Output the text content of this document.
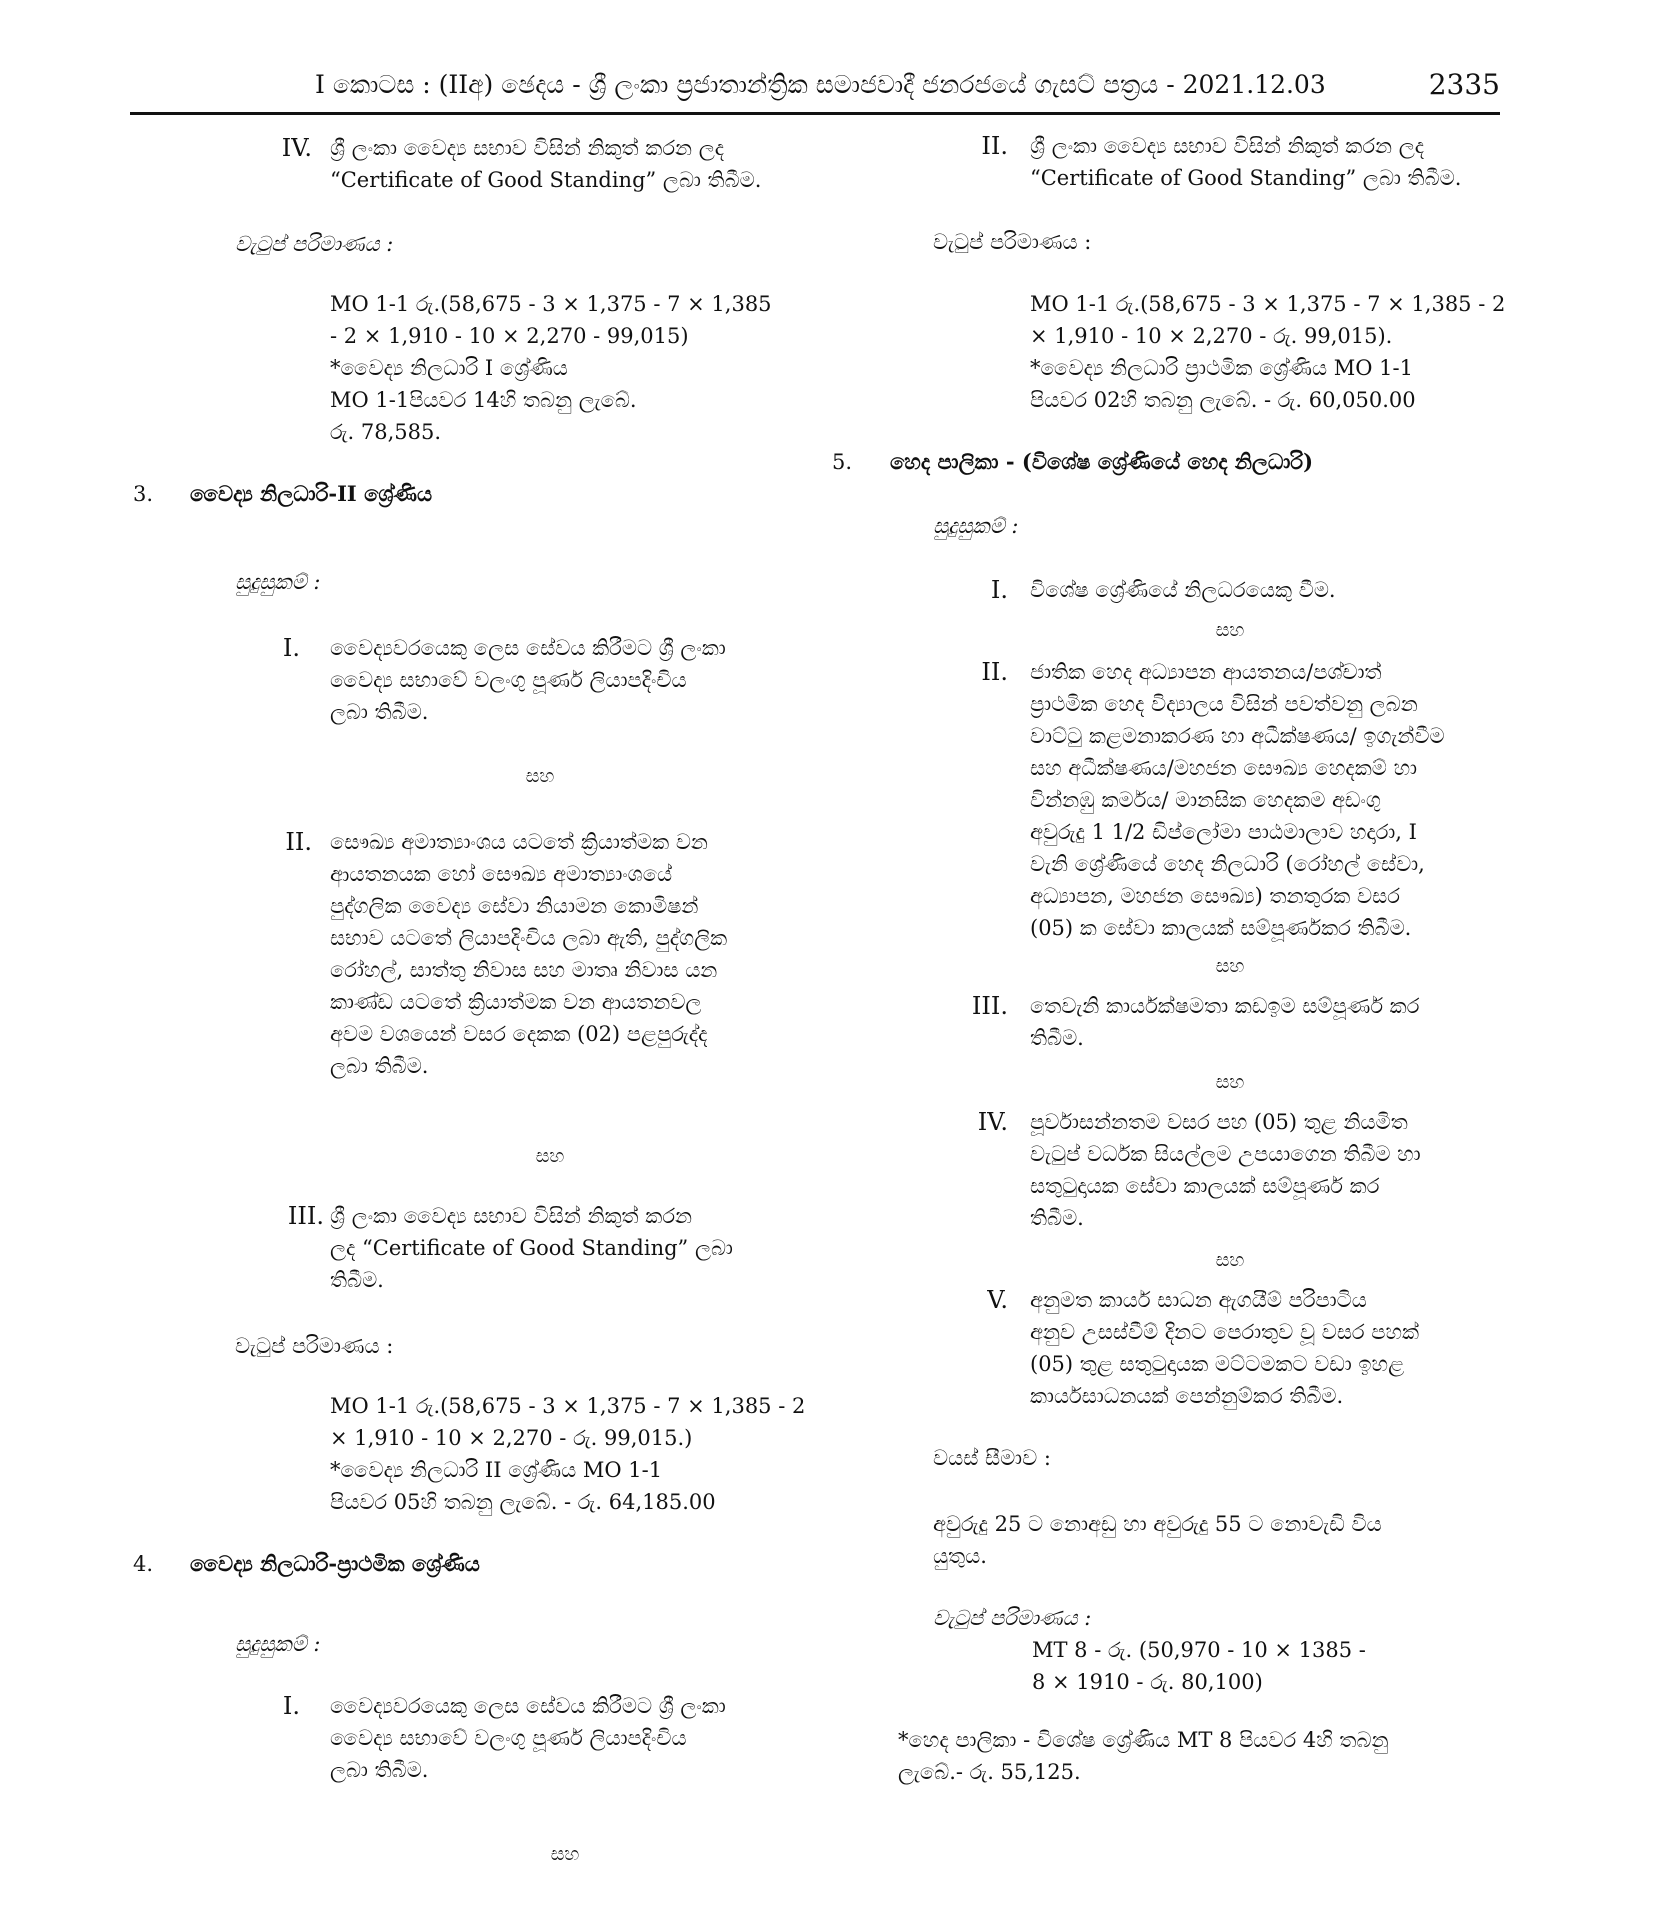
I කොටස : (IIඅ) ඡෙදය - ශ්‍රී ලංකා ප්‍රජාතාන්ත්‍රික සමාජවාදී ජනරජයේ ගැසට් පත්‍රය - 2021.12.03	2335
IV. ශ්‍රී ලංකා වෛද්‍ය සභාව විසින් නිකුත් කරන ලද
“Certificate of Good Standing” ලබා තිබීම.
වැටුප් පරිමාණය :
MO 1-1 රු.(58,675 - 3 × 1,375 - 7 × 1,385
- 2 × 1,910 - 10 × 2,270 - 99,015)
*වෛද්‍ය නිලධාරි I ශ්‍රේණිය
MO 1-1පියවර 14හි තබනු ලැබේ.
රු. 78,585.
3. වෛද්‍ය නිලධාරි-II ශ්‍රේණිය
සුදුසුකම් :
I. වෛද්‍යවරයෙකු ලෙස සේවය කිරීමට ශ්‍රී ලංකා
වෛද්‍ය සභාවේ වලංගු පූර්ණ ලියාපදිංචිය
ලබා තිබීම.
සහ
II. සෞඛ්‍ය අමාත්‍යාංශය යටතේ ක්‍රියාත්මක වන
ආයතනයක හෝ සෞඛ්‍ය අමාත්‍යාංශයේ
පුද්ගලික වෛද්‍ය සේවා නියාමන කොමිෂන්
සභාව යටතේ ලියාපදිංචිය ලබා ඇති, පුද්ගලික
රෝහල්, සාත්තු නිවාස සහ මාතෘ නිවාස යන
කාණ්ඩ යටතේ ක්‍රියාත්මක වන ආයතනවල
අවම වශයෙන් වසර දෙකක (02) පළපුරුද්ද
ලබා තිබීම.
සහ
III. ශ්‍රී ලංකා වෛද්‍ය සභාව විසින් නිකුත් කරන
ලද “Certificate of Good Standing” ලබා
තිබීම.
වැටුප් පරිමාණය :
MO 1-1 රු.(58,675 - 3 × 1,375 - 7 × 1,385 - 2
× 1,910 - 10 × 2,270 - රු. 99,015.)
*වෛද්‍ය නිලධාරි II ශ්‍රේණිය MO 1-1
පියවර 05හි තබනු ලැබේ. - රු. 64,185.00
4. වෛද්‍ය නිලධාරි-ප්‍රාථමික ශ්‍රේණිය
සුදුසුකම් :
I. වෛද්‍යවරයෙකු ලෙස සේවය කිරීමට ශ්‍රී ලංකා
වෛද්‍ය සභාවේ වලංගු පූර්ණ ලියාපදිංචිය
ලබා තිබීම.
සහ
II. ශ්‍රී ලංකා වෛද්‍ය සභාව විසින් නිකුත් කරන ලද
“Certificate of Good Standing” ලබා තිබීම.
වැටුප් පරිමාණය :
MO 1-1 රු.(58,675 - 3 × 1,375 - 7 × 1,385 - 2
× 1,910 - 10 × 2,270 - රු. 99,015).
*වෛද්‍ය නිලධාරි ප්‍රාථමික ශ්‍රේණිය MO 1-1
පියවර 02හි තබනු ලැබේ. - රු. 60,050.00
5. හෙද පාලිකා - (විශේෂ ශ්‍රේණියේ හෙද නිලධාරි)
සුදුසුකම් :
I. විශේෂ ශ්‍රේණියේ නිලධරයෙකු වීම.
සහ
II. ජාතික හෙද අධ්‍යාපන ආයතනය/පශ්චාත්
ප්‍රාථමික හෙද විද්‍යාලය විසින් පවත්වනු ලබන
වාට්ටු කළමනාකරණ හා අධීක්ෂණය/ ඉගැන්වීම
සහ අධීක්ෂණය/මහජන සෞඛ්‍ය හෙදකම් හා
වින්නඹු කර්මය/ මානසික හෙදකම අඩංගු
අවුරුදු 1 1/2 ඩිප්ලෝමා පාඨමාලාව හදාරා, I
වැනි ශ්‍රේණියේ හෙද නිලධාරි (රෝහල් සේවා,
අධ්‍යාපන, මහජන සෞඛ්‍ය) තනතුරක වසර
(05) ක සේවා කාලයක් සම්පූර්ණකර තිබීම.
සහ
III. තෙවැනි කාර්යක්ෂමතා කඩඉම සම්පූර්ණ කර
තිබීම.
සහ
IV. පූර්වාසන්නතම වසර පහ (05) තුළ නියමිත
වැටුප් වර්ධක සියල්ලම උපයාගෙන තිබීම හා
සතුටුදායක සේවා කාලයක් සම්පූර්ණ කර
තිබීම.
සහ
V. අනුමත කාර්ය සාධන ඇගයීම් පරිපාටිය
අනුව උසස්වීම් දිනට පෙරාතුව වූ වසර පහක්
(05) තුළ සතුටුදායක මට්ටමකට වඩා ඉහළ
කාර්යසාධනයක් පෙන්නුම්කර තිබීම.
වයස් සීමාව :
අවුරුදු 25 ට නොඅඩු හා අවුරුදු 55 ට නොවැඩි විය
යුතුය.
වැටුප් පරිමාණය :
MT 8 - රු. (50,970 - 10 × 1385 -
8 × 1910 - රු. 80,100)
*හෙද පාලිකා - විශේෂ ශ්‍රේණිය MT 8 පියවර 4හි තබනු
ලැබේ.- රු. 55,125.
